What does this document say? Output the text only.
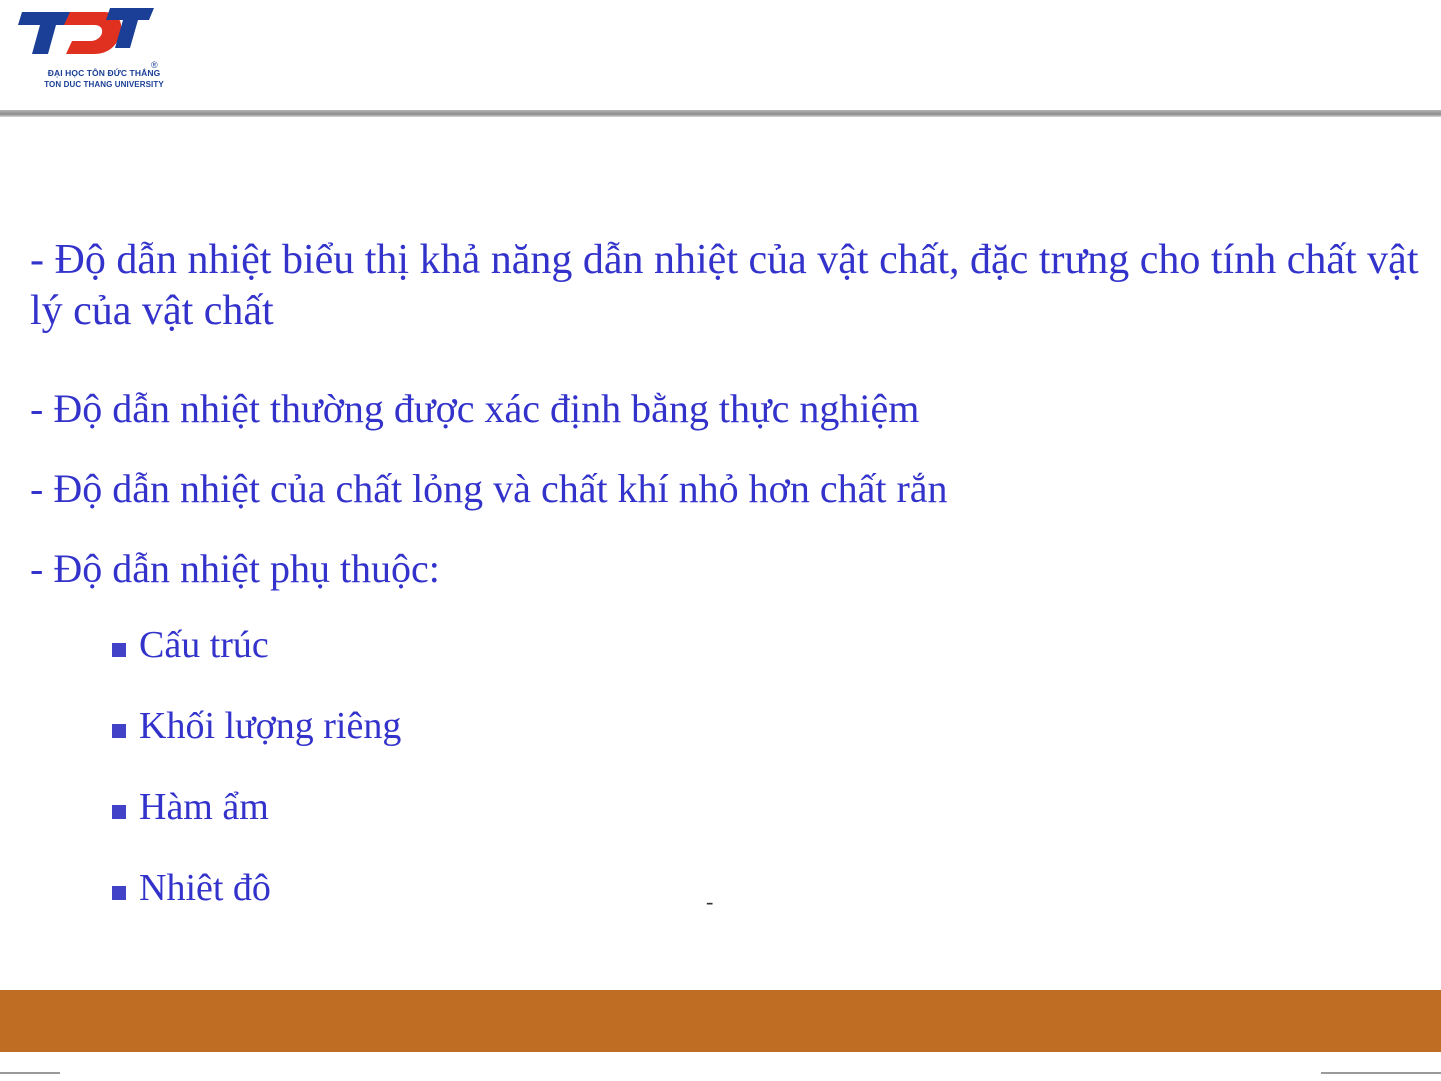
®
ĐẠI HỌC TÔN ĐỨC THẮNG
TON DUC THANG UNIVERSITY
- Độ dẫn nhiệt biểu thị khả năng dẫn nhiệt của vật chất, đặc trưng cho tính chất vật lý của vật chất
- Độ dẫn nhiệt thường được xác định bằng thực nghiệm
- Độ dẫn nhiệt của chất lỏng và chất khí nhỏ hơn chất rắn
- Độ dẫn nhiệt phụ thuộc:
Cấu trúc
Khối lượng riêng
Hàm ẩm
Nhiêt đô	-
